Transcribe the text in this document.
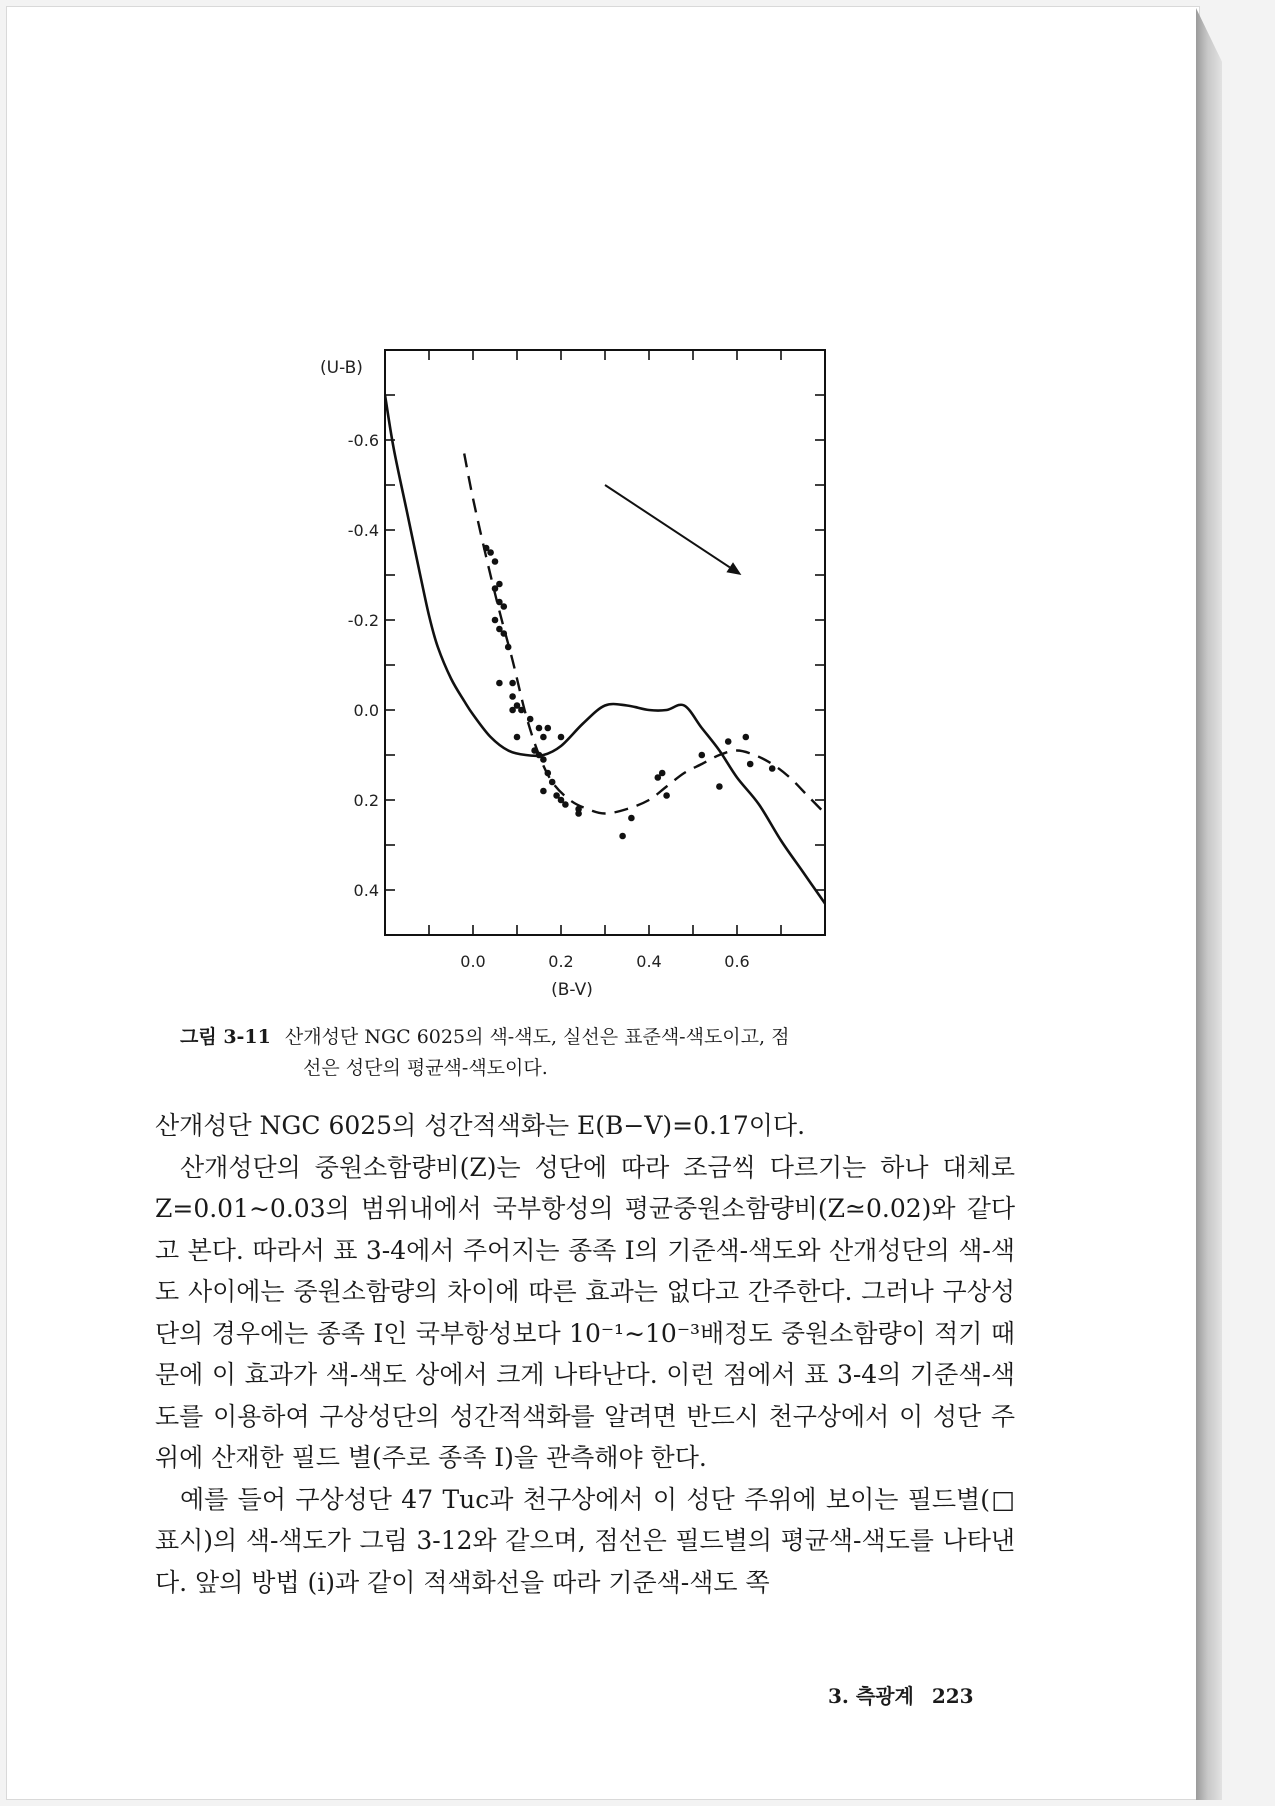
-0.6
-0.4
-0.2
0.0
0.2
0.4
0.0	0.2	0.4	0.6
(U-B)
(B-V)
그림 3-11 산개성단 NGC 6025의 색-색도, 실선은 표준색-색도이고, 점
선은 성단의 평균색-색도이다.

산개성단 NGC 6025의 성간적색화는 E(B−V)=0.17이다.

산개성단의 중원소함량비(Z)는 성단에 따라 조금씩 다르기는 하나 대체로 Z=0.01∼0.03의 범위내에서 국부항성의 평균중원소함량비(Z≃0.02)와 같다고 본다. 따라서 표 3-4에서 주어지는 종족 I의 기준색-색도와 산개성단의 색-색도 사이에는 중원소함량의 차이에 따른 효과는 없다고 간주한다. 그러나 구상성단의 경우에는 종족 I인 국부항성보다 10⁻¹∼10⁻³배정도 중원소함량이 적기 때문에 이 효과가 색-색도 상에서 크게 나타난다. 이런 점에서 표 3-4의 기준색-색도를 이용하여 구상성단의 성간적색화를 알려면 반드시 천구상에서 이 성단 주위에 산재한 필드 별(주로 종족 I)을 관측해야 한다.

예를 들어 구상성단 47 Tuc과 천구상에서 이 성단 주위에 보이는 필드별(□표시)의 색-색도가 그림 3-12와 같으며, 점선은 필드별의 평균색-색도를 나타낸다. 앞의 방법 (i)과 같이 적색화선을 따라 기준색-색도 쪽

3. 측광계 223
